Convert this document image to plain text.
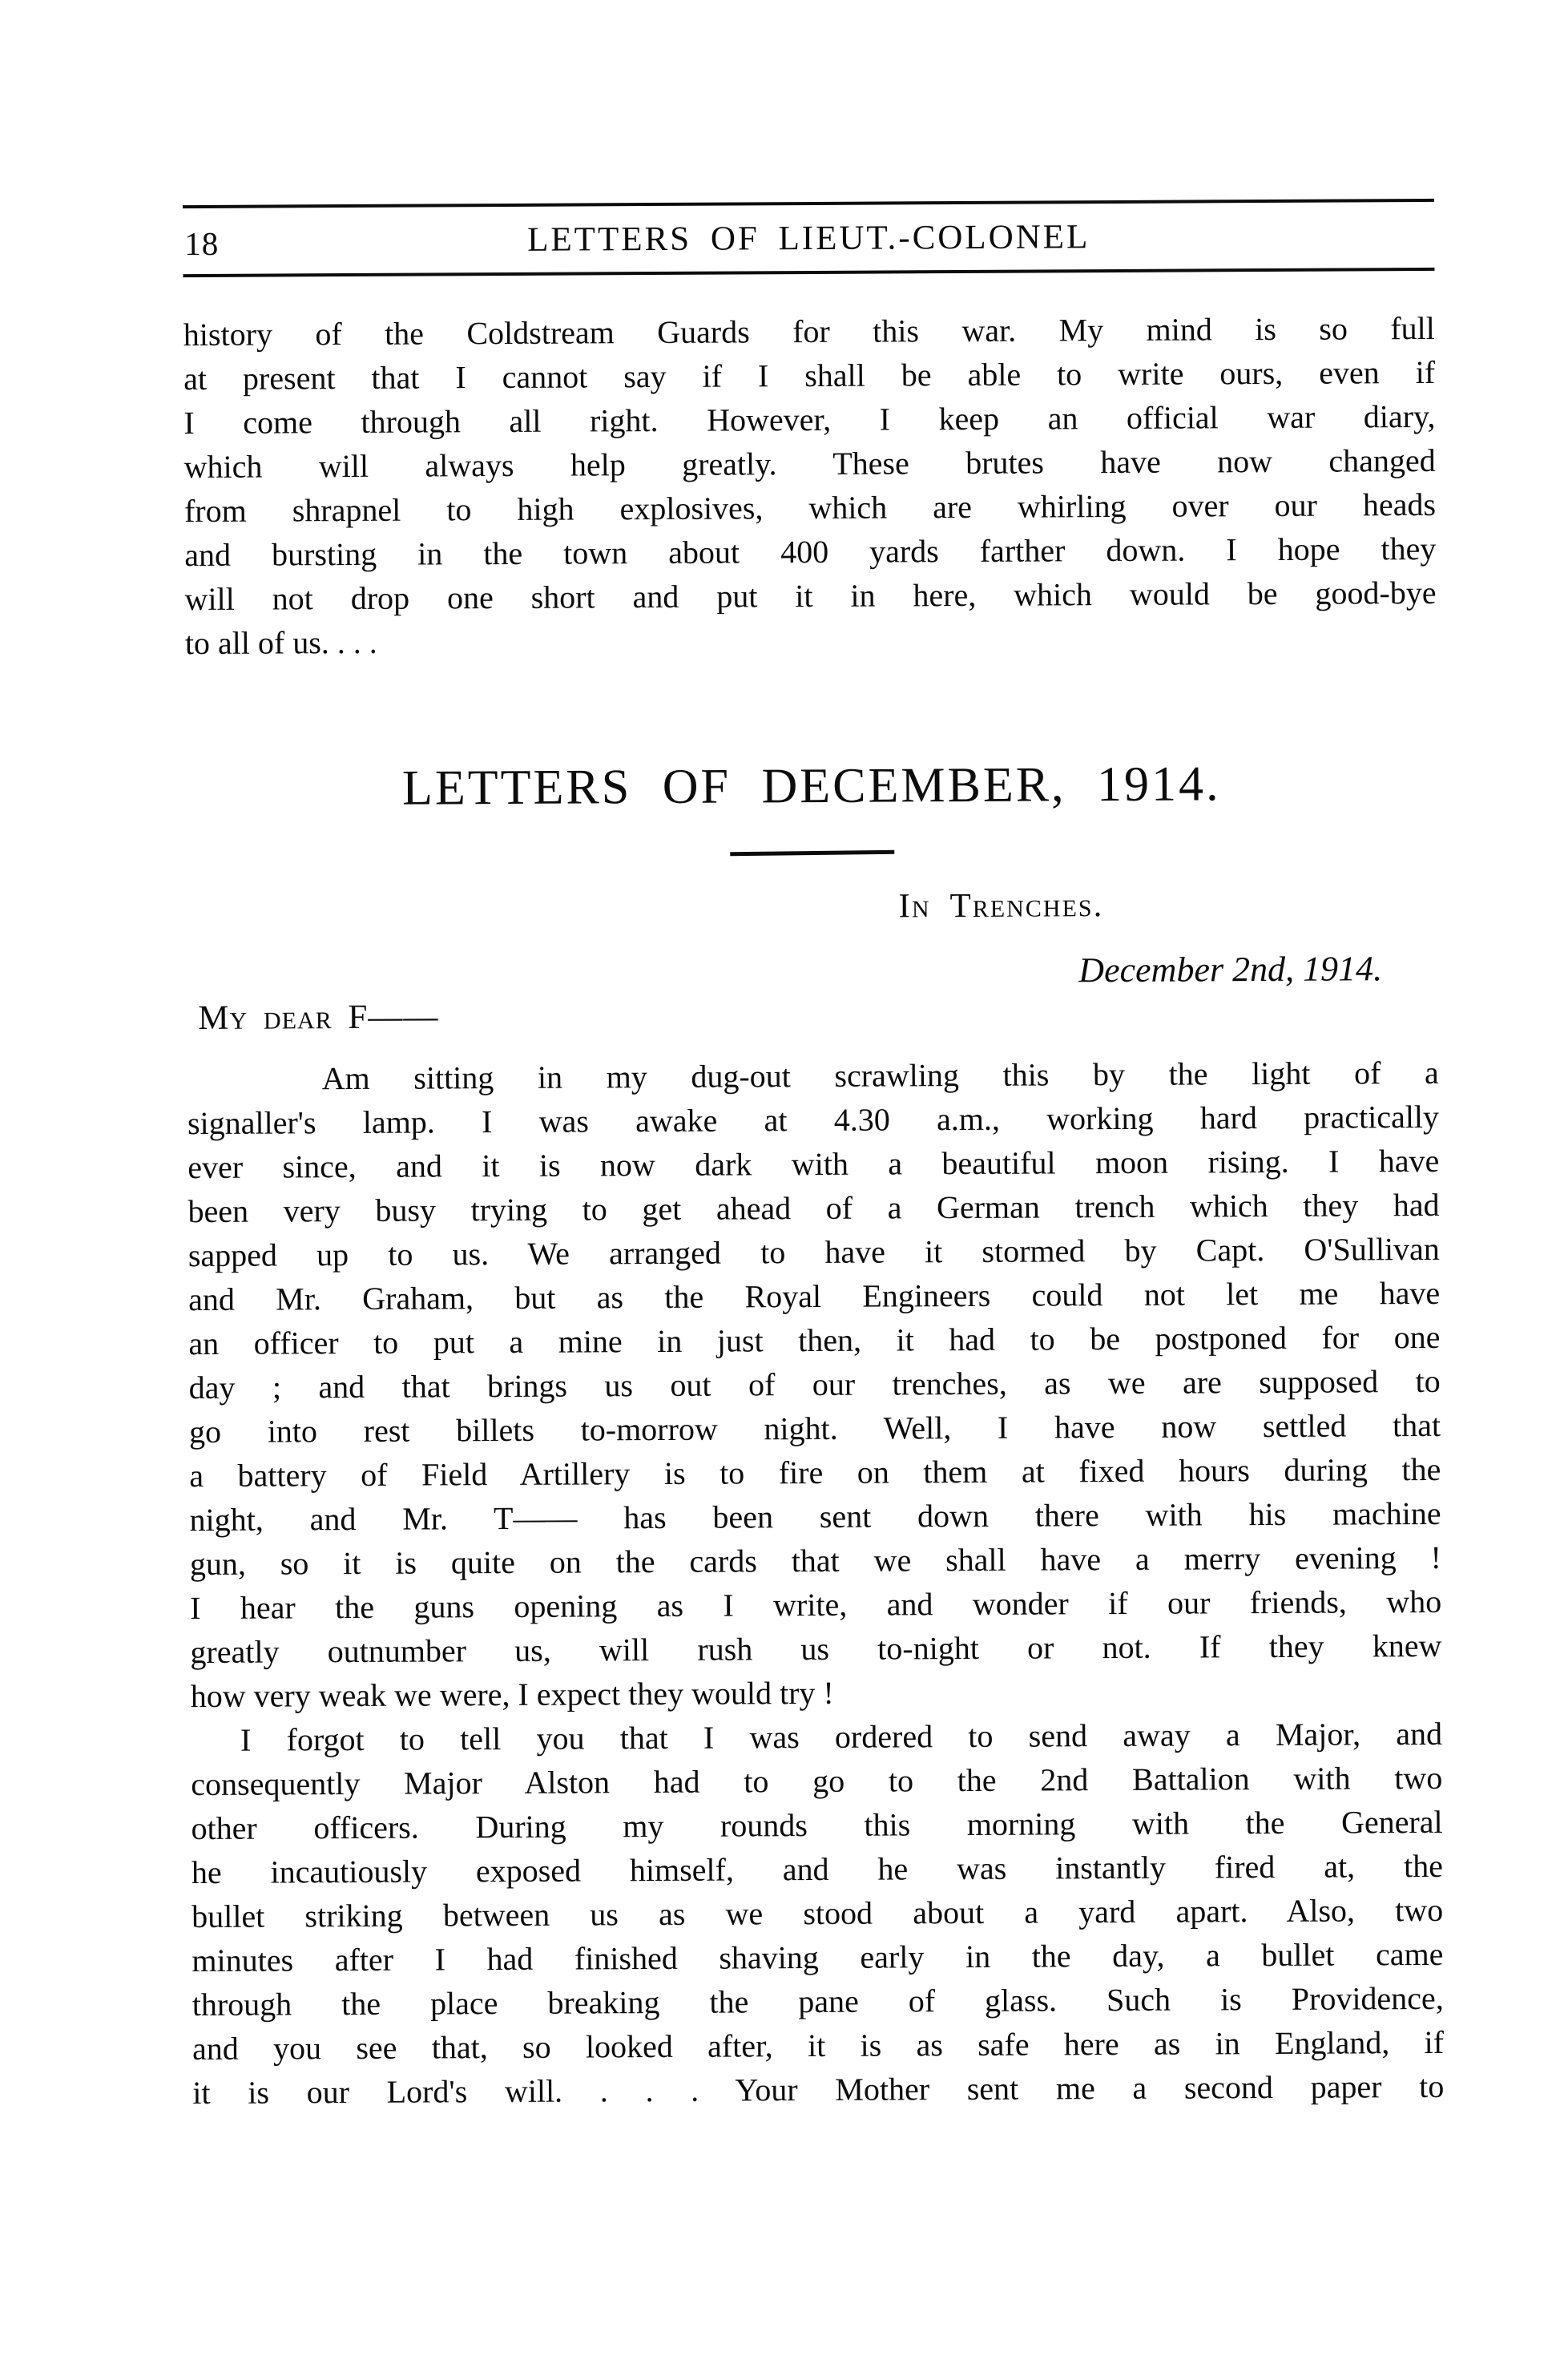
18	LETTERS OF LIEUT.-COLONEL
history of the Coldstream Guards for this war. My mind is so full
at present that I cannot say if I shall be able to write ours, even if
I come through all right. However, I keep an official war diary,
which will always help greatly. These brutes have now changed
from shrapnel to high explosives, which are whirling over our heads
and bursting in the town about 400 yards farther down. I hope they
will not drop one short and put it in here, which would be good-bye
to all of us. . . .
LETTERS OF DECEMBER, 1914.
In Trenches.
December 2nd, 1914.
My dear F——
Am sitting in my dug-out scrawling this by the light of a
signaller's lamp. I was awake at 4.30 a.m., working hard practically
ever since, and it is now dark with a beautiful moon rising. I have
been very busy trying to get ahead of a German trench which they had
sapped up to us. We arranged to have it stormed by Capt. O'Sullivan
and Mr. Graham, but as the Royal Engineers could not let me have
an officer to put a mine in just then, it had to be postponed for one
day ; and that brings us out of our trenches, as we are supposed to
go into rest billets to-morrow night. Well, I have now settled that
a battery of Field Artillery is to fire on them at fixed hours during the
night, and Mr. T—— has been sent down there with his machine
gun, so it is quite on the cards that we shall have a merry evening !
I hear the guns opening as I write, and wonder if our friends, who
greatly outnumber us, will rush us to-night or not. If they knew
how very weak we were, I expect they would try !
I forgot to tell you that I was ordered to send away a Major, and
consequently Major Alston had to go to the 2nd Battalion with two
other officers. During my rounds this morning with the General
he incautiously exposed himself, and he was instantly fired at, the
bullet striking between us as we stood about a yard apart. Also, two
minutes after I had finished shaving early in the day, a bullet came
through the place breaking the pane of glass. Such is Providence,
and you see that, so looked after, it is as safe here as in England, if
it is our Lord's will. . . . Your Mother sent me a second paper to
